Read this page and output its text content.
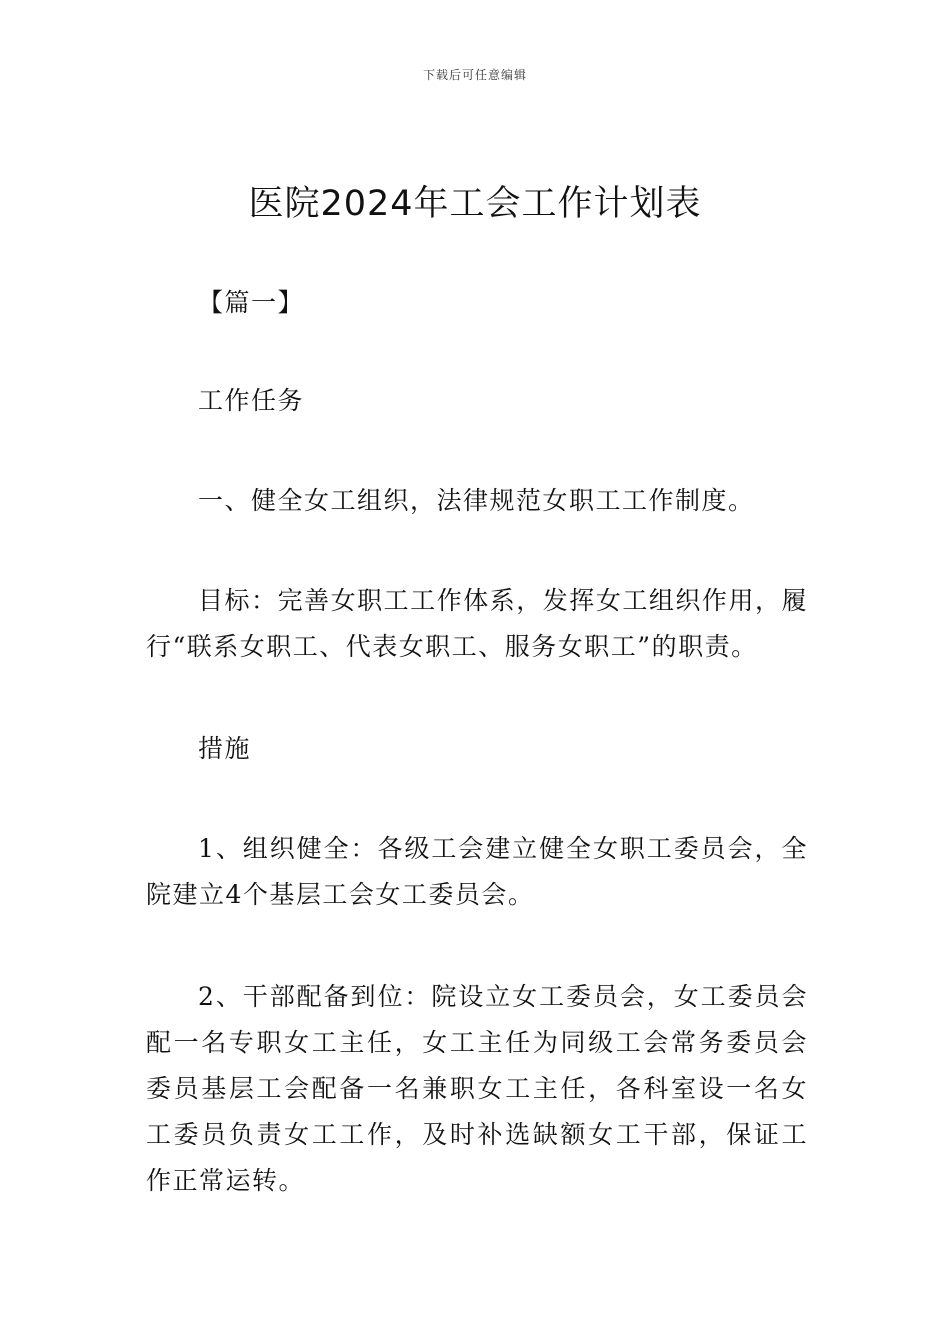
下载后可任意编辑
医院2024年工会工作计划表

【篇一】

工作任务

一、健全女工组织，法律规范女职工工作制度。

目标：完善女职工工作体系，发挥女工组织作用，履行“联系女职工、代表女职工、服务女职工”的职责。

措施

1、组织健全：各级工会建立健全女职工委员会，全院建立4个基层工会女工委员会。

2、干部配备到位：院设立女工委员会，女工委员会配一名专职女工主任，女工主任为同级工会常务委员会委员基层工会配备一名兼职女工主任，各科室设一名女工委员负责女工工作，及时补选缺额女工干部，保证工作正常运转。
